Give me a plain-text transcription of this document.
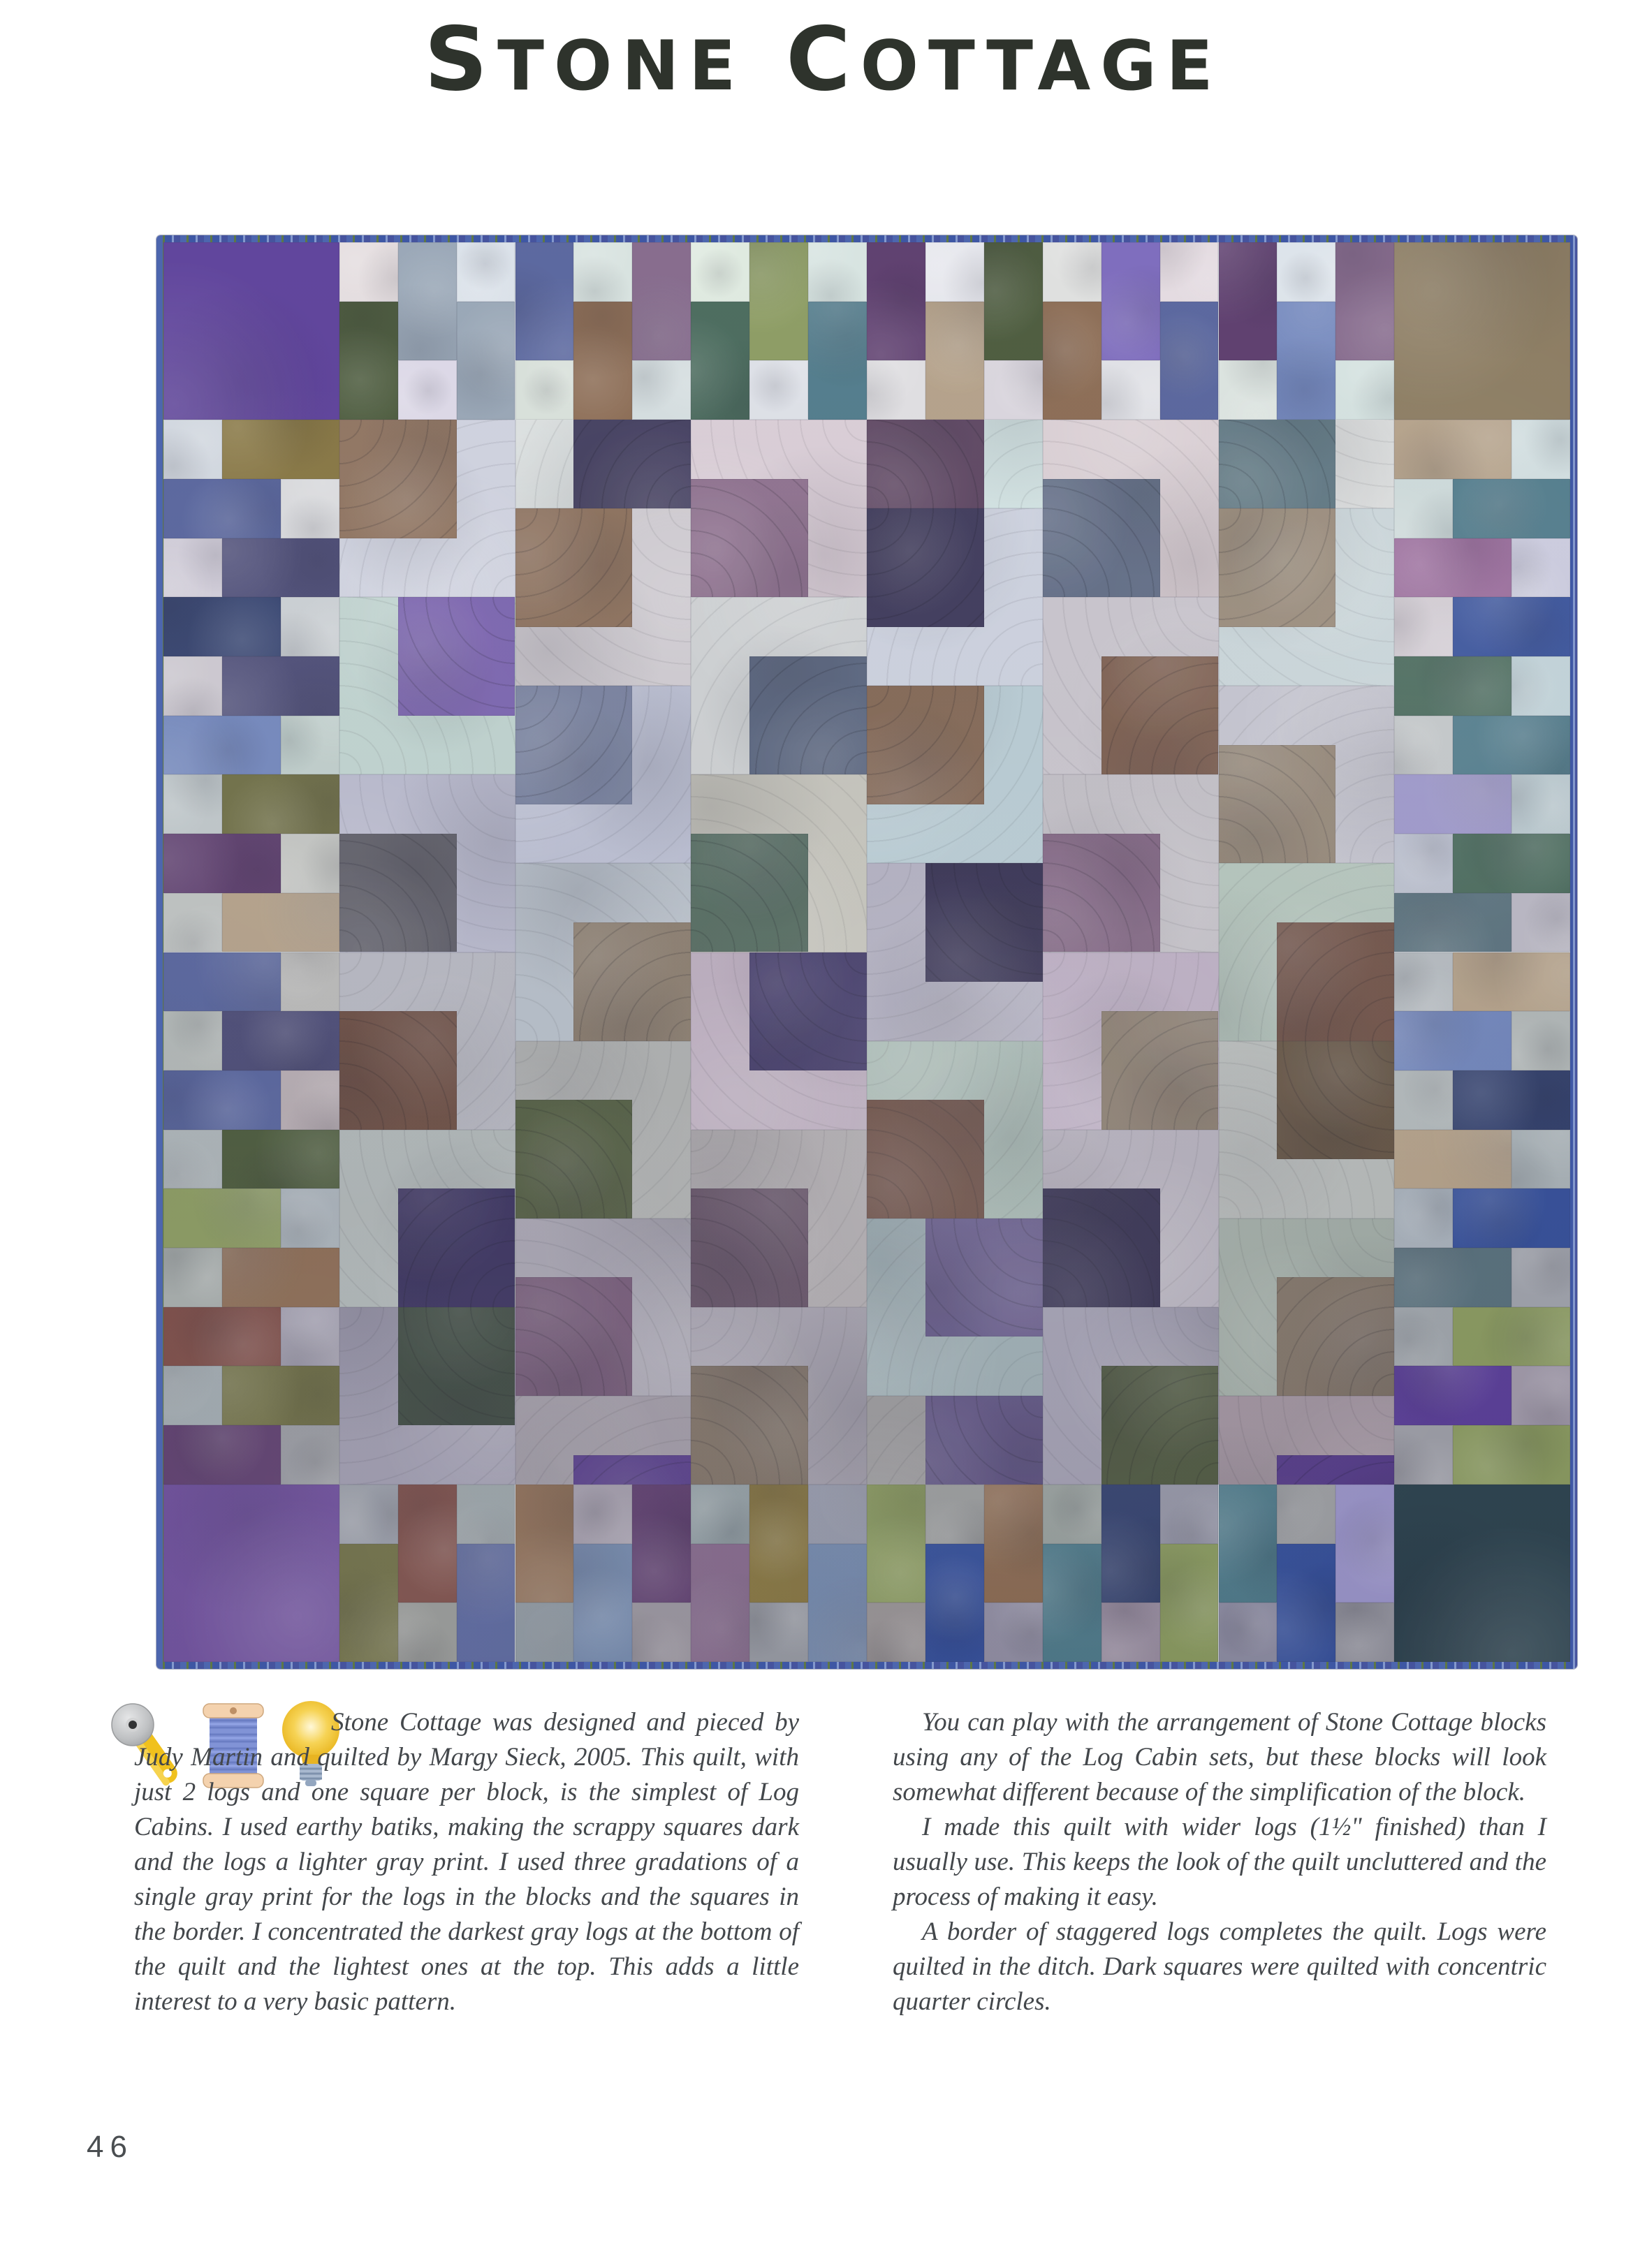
STONE COTTAGE

Stone Cottage was designed and pieced by Judy Martin and quilted by Margy Sieck, 2005. This quilt, with just 2 logs and one square per block, is the simplest of Log Cabins. I used earthy batiks, making the scrappy squares dark and the logs a lighter gray print. I used three gradations of a single gray print for the logs in the blocks and the squares in the border. I concentrated the darkest gray logs at the bottom of the quilt and the lightest ones at the top. This adds a little interest to a very basic pattern.

You can play with the arrangement of Stone Cottage blocks using any of the Log Cabin sets, but these blocks will look somewhat different because of the simplification of the block.

I made this quilt with wider logs (1½" finished) than I usually use. This keeps the look of the quilt uncluttered and the process of making it easy.

A border of staggered logs completes the quilt. Logs were quilted in the ditch. Dark squares were quilted with concentric quarter circles.

46
